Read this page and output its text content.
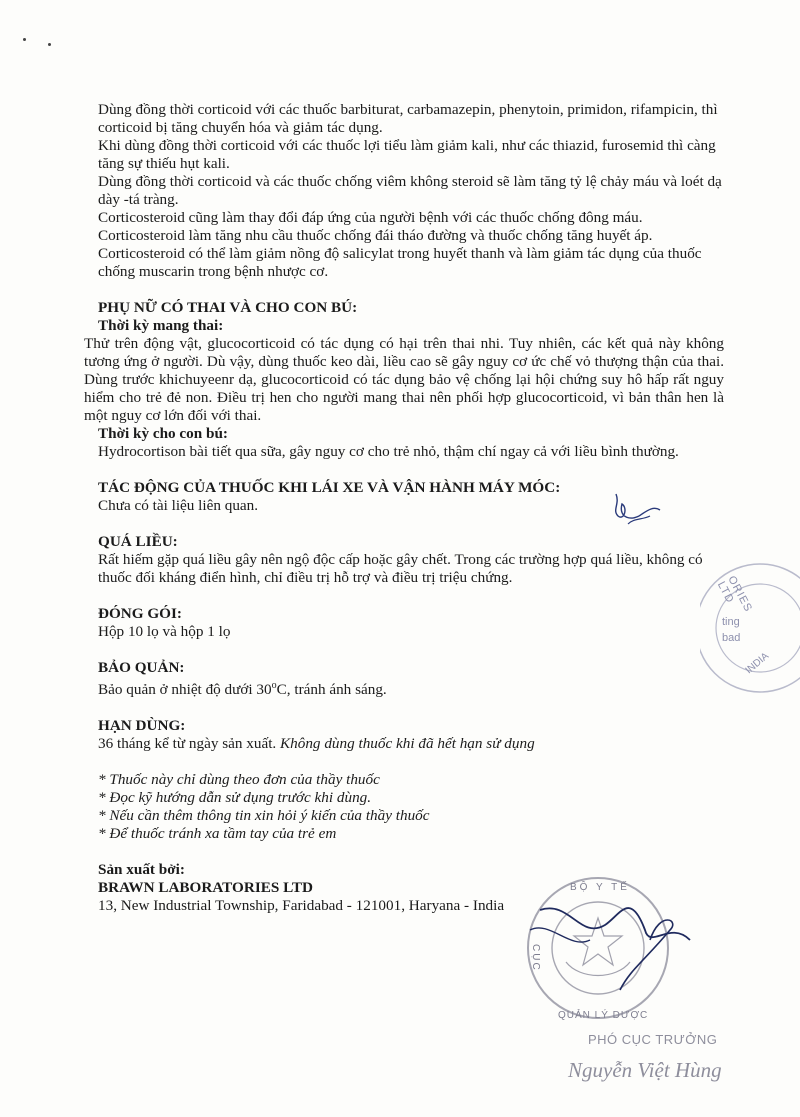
Dùng đồng thời corticoid với các thuốc barbiturat, carbamazepin, phenytoin, primidon, rifampicin, thì corticoid bị tăng chuyển hóa và giảm tác dụng.

Khi dùng đồng thời corticoid với các thuốc lợi tiểu làm giảm kali, như các thiazid, furosemid thì càng tăng sự thiếu hụt kali.

Dùng đồng thời corticoid và các thuốc chống viêm không steroid sẽ làm tăng tỷ lệ chảy máu và loét dạ dày -tá tràng.

Corticosteroid cũng làm thay đổi đáp ứng của người bệnh với các thuốc chống đông máu.

Corticosteroid làm tăng nhu cầu thuốc chống đái tháo đường và thuốc chống tăng huyết áp.

Corticosteroid có thể làm giảm nồng độ salicylat trong huyết thanh và làm giảm tác dụng của thuốc chống muscarin trong bệnh nhược cơ.

PHỤ NỮ CÓ THAI VÀ CHO CON BÚ:

Thời kỳ mang thai:

Thử trên động vật, glucocorticoid có tác dụng có hại trên thai nhi. Tuy nhiên, các kết quả này không tương ứng ở người. Dù vậy, dùng thuốc keo dài, liều cao sẽ gây nguy cơ ức chế vỏ thượng thận của thai. Dùng trước khichuyeenr dạ, glucocorticoid có tác dụng bảo vệ chống lại hội chứng suy hô hấp rất nguy hiểm cho trẻ đẻ non. Điều trị hen cho người mang thai nên phối hợp glucocorticoid, vì bản thân hen là một nguy cơ lớn đối với thai.

Thời kỳ cho con bú:

Hydrocortison bài tiết qua sữa, gây nguy cơ cho trẻ nhỏ, thậm chí ngay cả với liều bình thường.

TÁC ĐỘNG CỦA THUỐC KHI LÁI XE VÀ VẬN HÀNH MÁY MÓC:

Chưa có tài liệu liên quan.

QUÁ LIỀU:

Rất hiếm gặp quá liều gây nên ngộ độc cấp hoặc gây chết. Trong các trường hợp quá liều, không có thuốc đối kháng điển hình, chỉ điều trị hỗ trợ và điều trị triệu chứng.

ĐÓNG GÓI:

Hộp 10 lọ và hộp 1 lọ

BẢO QUẢN:

Bảo quản ở nhiệt độ dưới 30$^o$C, tránh ánh sáng.

HẠN DÙNG:

36 tháng kể từ ngày sản xuất. Không dùng thuốc khi đã hết hạn sử dụng

* Thuốc này chỉ dùng theo đơn của thầy thuốc

* Đọc kỹ hướng dẫn sử dụng trước khi dùng.

* Nếu cần thêm thông tin xin hỏi ý kiến của thầy thuốc

* Để thuốc tránh xa tầm tay của trẻ em

Sản xuất bởi:

BRAWN LABORATORIES LTD

13, New Industrial Township, Faridabad - 121001, Haryana - India

ORIES LTD
ting
bad
INDIA
BỘ Y TẾ
CỤC
QUẢN LÝ DƯỢC
PHÓ CỤC TRƯỞNG
Nguyễn Việt Hùng
